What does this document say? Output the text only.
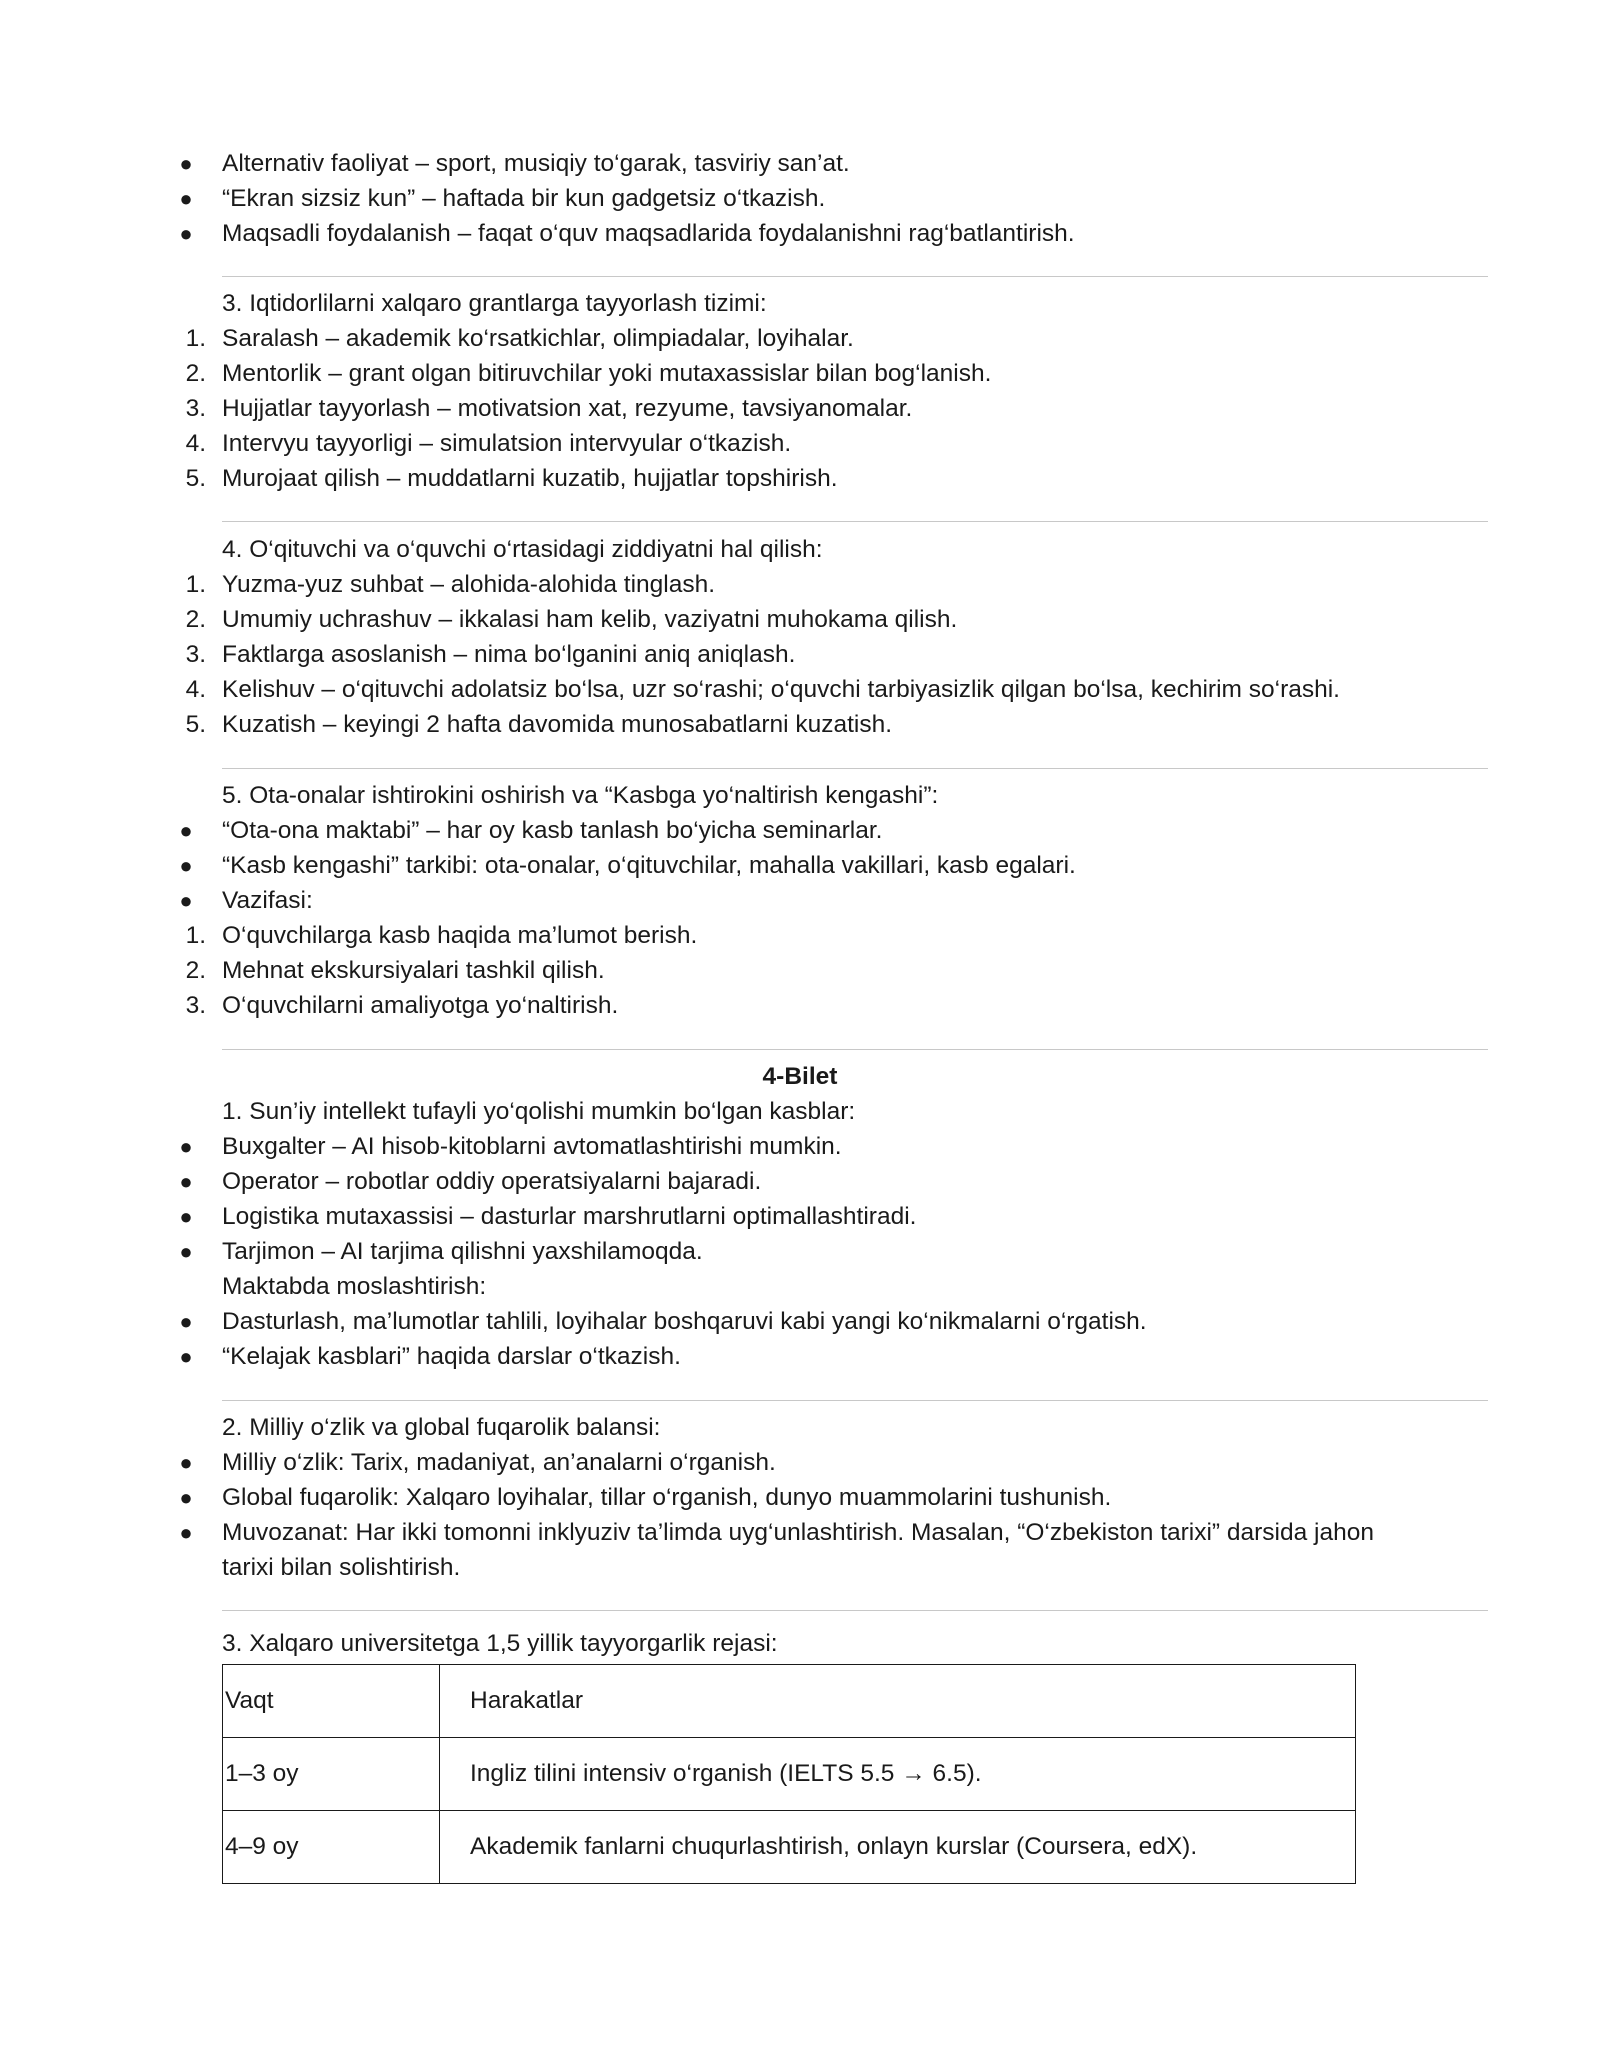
● Alternativ faoliyat – sport, musiqiy to‘garak, tasviriy san’at.
● “Ekran sizsiz kun” – haftada bir kun gadgetsiz o‘tkazish.
● Maqsadli foydalanish – faqat o‘quv maqsadlarida foydalanishni rag‘batlantirish.
3. Iqtidorlilarni xalqaro grantlarga tayyorlash tizimi:
1. Saralash – akademik ko‘rsatkichlar, olimpiadalar, loyihalar.
2. Mentorlik – grant olgan bitiruvchilar yoki mutaxassislar bilan bog‘lanish.
3. Hujjatlar tayyorlash – motivatsion xat, rezyume, tavsiyanomalar.
4. Intervyu tayyorligi – simulatsion intervyular o‘tkazish.
5. Murojaat qilish – muddatlarni kuzatib, hujjatlar topshirish.
4. O‘qituvchi va o‘quvchi o‘rtasidagi ziddiyatni hal qilish:
1. Yuzma-yuz suhbat – alohida-alohida tinglash.
2. Umumiy uchrashuv – ikkalasi ham kelib, vaziyatni muhokama qilish.
3. Faktlarga asoslanish – nima bo‘lganini aniq aniqlash.
4. Kelishuv – o‘qituvchi adolatsiz bo‘lsa, uzr so‘rashi; o‘quvchi tarbiyasizlik qilgan bo‘lsa, kechirim so‘rashi.
5. Kuzatish – keyingi 2 hafta davomida munosabatlarni kuzatish.
5. Ota-onalar ishtirokini oshirish va “Kasbga yo‘naltirish kengashi”:
● “Ota-ona maktabi” – har oy kasb tanlash bo‘yicha seminarlar.
● “Kasb kengashi” tarkibi: ota-onalar, o‘qituvchilar, mahalla vakillari, kasb egalari.
● Vazifasi:
1. O‘quvchilarga kasb haqida ma’lumot berish.
2. Mehnat ekskursiyalari tashkil qilish.
3. O‘quvchilarni amaliyotga yo‘naltirish.
4-Bilet
1. Sun’iy intellekt tufayli yo‘qolishi mumkin bo‘lgan kasblar:
● Buxgalter – AI hisob-kitoblarni avtomatlashtirishi mumkin.
● Operator – robotlar oddiy operatsiyalarni bajaradi.
● Logistika mutaxassisi – dasturlar marshrutlarni optimallashtiradi.
● Tarjimon – AI tarjima qilishni yaxshilamoqda.
Maktabda moslashtirish:
● Dasturlash, ma’lumotlar tahlili, loyihalar boshqaruvi kabi yangi ko‘nikmalarni o‘rgatish.
● “Kelajak kasblari” haqida darslar o‘tkazish.
2. Milliy o‘zlik va global fuqarolik balansi:
● Milliy o‘zlik: Tarix, madaniyat, an’analarni o‘rganish.
● Global fuqarolik: Xalqaro loyihalar, tillar o‘rganish, dunyo muammolarini tushunish.
● Muvozanat: Har ikki tomonni inklyuziv ta’limda uyg‘unlashtirish. Masalan, “O‘zbekiston tarixi” darsida jahon
tarixi bilan solishtirish.
3. Xalqaro universitetga 1,5 yillik tayyorgarlik rejasi:
Vaqt	Harakatlar
1–3 oy	Ingliz tilini intensiv o‘rganish (IELTS 5.5 → 6.5).
4–9 oy	Akademik fanlarni chuqurlashtirish, onlayn kurslar (Coursera, edX).
